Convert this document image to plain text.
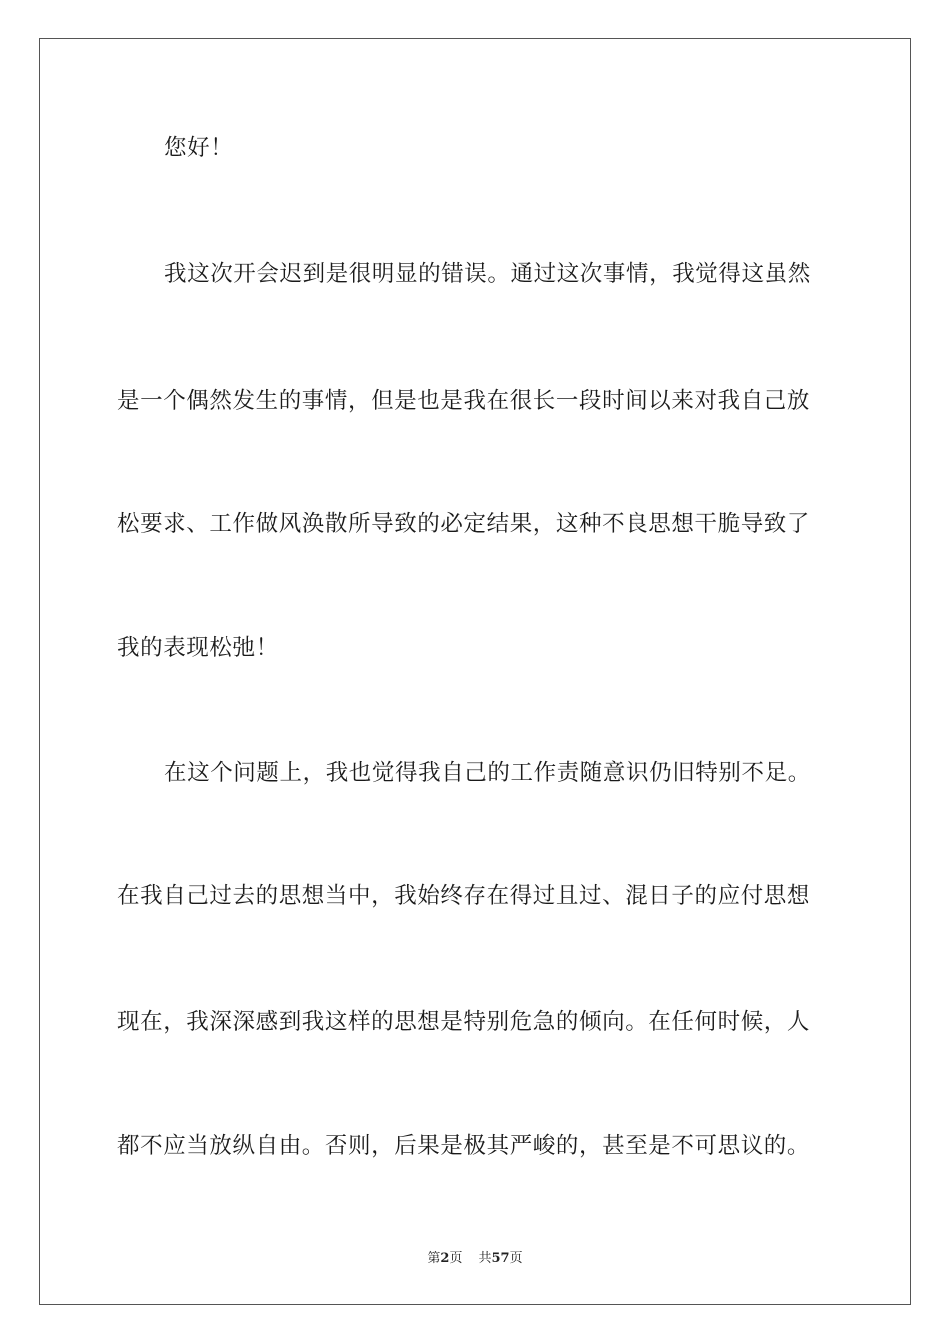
您好！

我这次开会迟到是很明显的错误。通过这次事情，我觉得这虽然

是一个偶然发生的事情，但是也是我在很长一段时间以来对我自己放

松要求、工作做风涣散所导致的必定结果，这种不良思想干脆导致了

我的表现松弛！

在这个问题上，我也觉得我自己的工作责随意识仍旧特别不足。

在我自己过去的思想当中，我始终存在得过且过、混日子的应付思想

现在，我深深感到我这样的思想是特别危急的倾向。在任何时候，人

都不应当放纵自由。否则，后果是极其严峻的，甚至是不可思议的。

第2页 共57页
